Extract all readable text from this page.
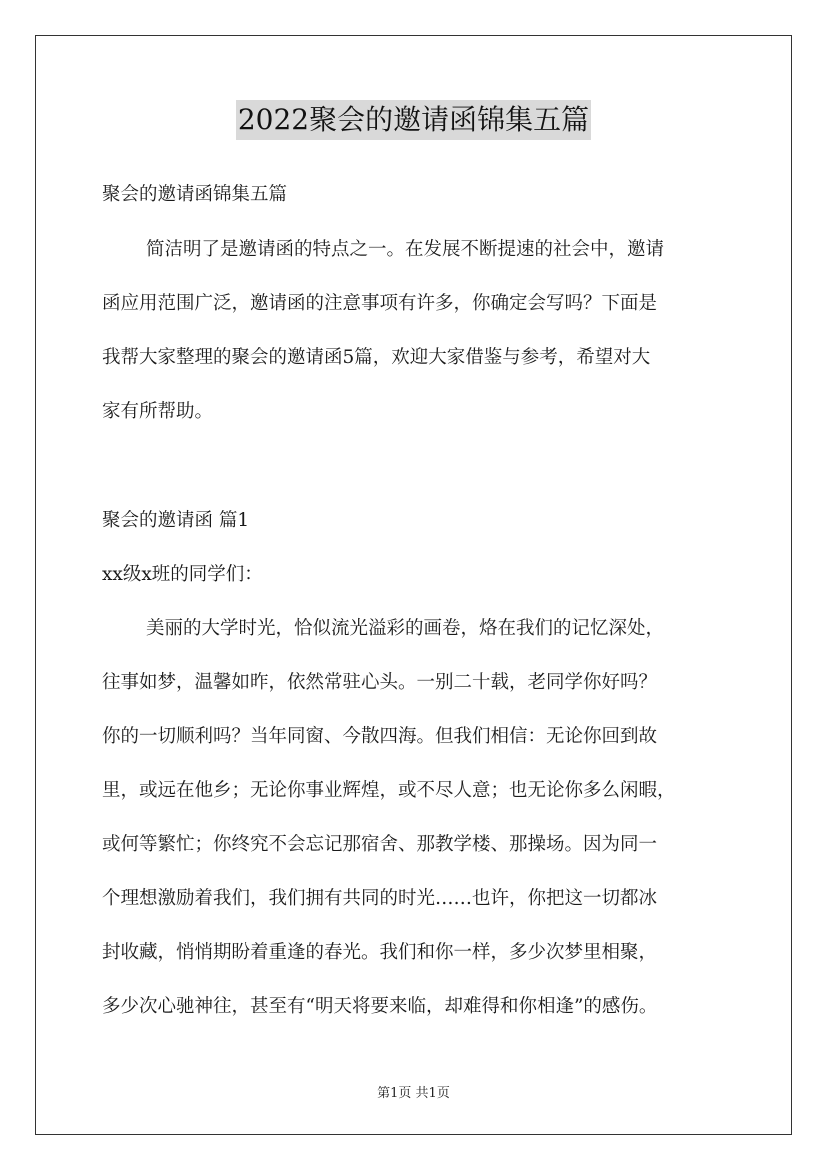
2022聚会的邀请函锦集五篇
聚会的邀请函锦集五篇
简洁明了是邀请函的特点之一。在发展不断提速的社会中，邀请
函应用范围广泛，邀请函的注意事项有许多，你确定会写吗？下面是
我帮大家整理的聚会的邀请函5篇，欢迎大家借鉴与参考，希望对大
家有所帮助。
聚会的邀请函 篇1
xx级x班的同学们：
美丽的大学时光，恰似流光溢彩的画卷，烙在我们的记忆深处，
往事如梦，温馨如昨，依然常驻心头。一别二十载，老同学你好吗？
你的一切顺利吗？当年同窗、今散四海。但我们相信：无论你回到故
里，或远在他乡；无论你事业辉煌，或不尽人意；也无论你多么闲暇，
或何等繁忙；你终究不会忘记那宿舍、那教学楼、那操场。因为同一
个理想激励着我们，我们拥有共同的时光……也许，你把这一切都冰
封收藏，悄悄期盼着重逢的春光。我们和你一样，多少次梦里相聚，
多少次心驰神往，甚至有“明天将要来临，却难得和你相逢”的感伤。
第1页 共1页
